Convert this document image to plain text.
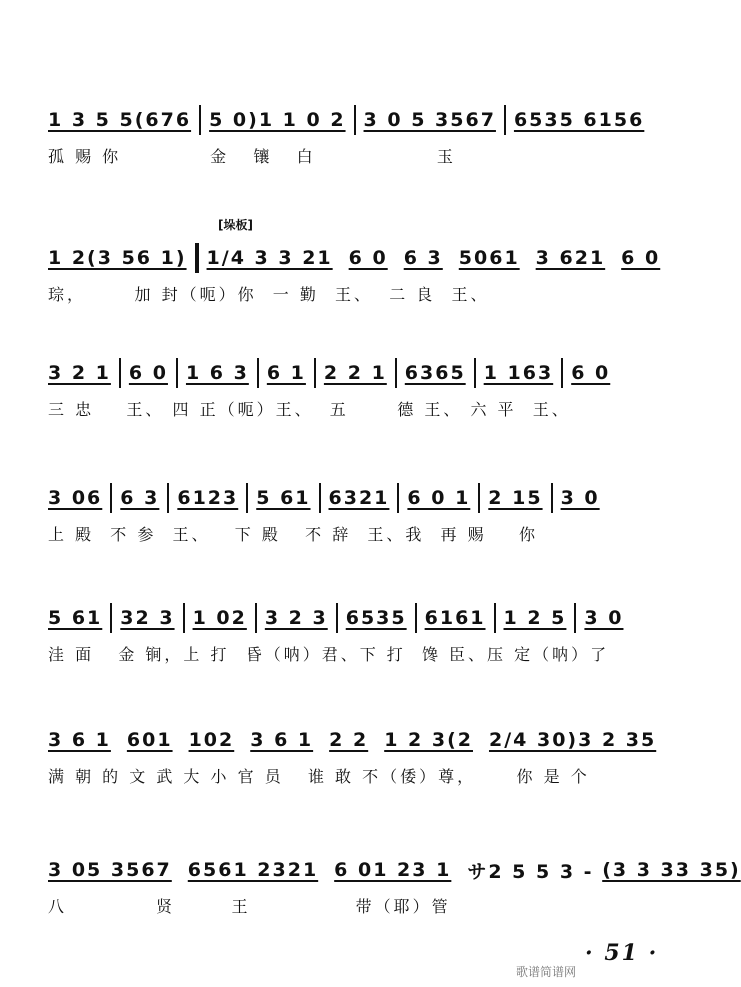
1 3 5 5(676 5 0)1 1 0 2 3 0 5 3567 6535 6156
孤 赐 你           金   镶   白               玉
[垛板]
1 2(3 56 1) 1/4 3 3 21 6 0 6 3 5061 3 621 6 0
琮，      加 封（呃）你  一 勤  王、  二 良  王、
3 2 1 6 0 1 6 3 6 1 2 2 1 6365 1 163 6 0
三 忠    王、 四 正（呃）王、  五      德 王、 六 平  王、
3 06 6 3 6123 5 61 6321 6 0 1 2 15 3 0
上 殿  不 参  王、   下 殿   不 辞  王、我  再 赐    你
5 61 32 3 1 02 3 2 3 6535 6161 1 2 5 3 0
洼 面   金 锏，上 打  昏（呐）君、下 打  馋 臣、压 定（呐）了
3 6 1 601 102 3 6 1 2 2 1 2 3(2 2/4 30)3 2 35
满 朝 的 文 武 大 小 官 员   谁 敢 不（倭）尊，     你 是 个
3 05 3567 6561 2321 6 01 23 1 サ2 5 5 3 -
(3 3 33 35)
八           贤       王             带（耶）管
· 51 ·
歌谱简谱网
